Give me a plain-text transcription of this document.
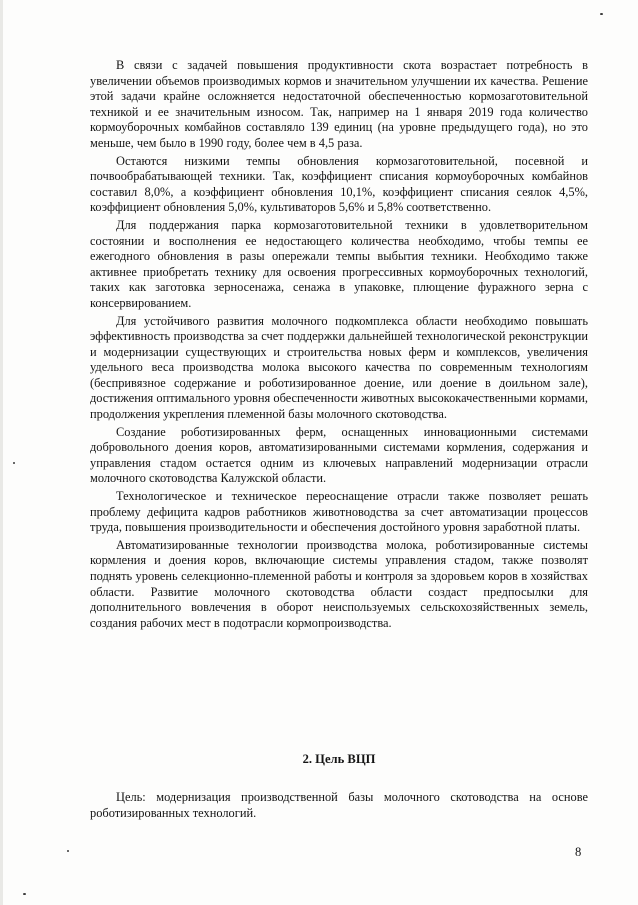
В связи с задачей повышения продуктивности скота возрастает потребность в увеличении объемов производимых кормов и значительном улучшении их качества. Решение этой задачи крайне осложняется недостаточной обеспеченностью кормозаготовительной техникой и ее значительным износом. Так, например на 1 января 2019 года количество кормоуборочных комбайнов составляло 139 единиц (на уровне предыдущего года), но это меньше, чем было в 1990 году, более чем в 4,5 раза.

Остаются низкими темпы обновления кормозаготовительной, посевной и почвообрабатывающей техники. Так, коэффициент списания кормоуборочных комбайнов составил 8,0%, а коэффициент обновления 10,1%, коэффициент списания сеялок 4,5%, коэффициент обновления 5,0%, культиваторов 5,6% и 5,8% соответственно.

Для поддержания парка кормозаготовительной техники в удовлетворительном состоянии и восполнения ее недостающего количества необходимо, чтобы темпы ее ежегодного обновления в разы опережали темпы выбытия техники. Необходимо также активнее приобретать технику для освоения прогрессивных кормоуборочных технологий, таких как заготовка зерносенажа, сенажа в упаковке, плющение фуражного зерна с консервированием.

Для устойчивого развития молочного подкомплекса области необходимо повышать эффективность производства за счет поддержки дальнейшей технологической реконструкции и модернизации существующих и строительства новых ферм и комплексов, увеличения удельного веса производства молока высокого качества по современным технологиям (беспривязное содержание и роботизированное доение, или доение в доильном зале), достижения оптимального уровня обеспеченности животных высококачественными кормами, продолжения укрепления племенной базы молочного скотоводства.

Создание роботизированных ферм, оснащенных инновационными системами добровольного доения коров, автоматизированными системами кормления, содержания и управления стадом остается одним из ключевых направлений модернизации отрасли молочного скотоводства Калужской области.

Технологическое и техническое переоснащение отрасли также позволяет решать проблему дефицита кадров работников животноводства за счет автоматизации процессов труда, повышения производительности и обеспечения достойного уровня заработной платы.

Автоматизированные технологии производства молока, роботизированные системы кормления и доения коров, включающие системы управления стадом, также позволят поднять уровень селекционно-племенной работы и контроля за здоровьем коров в хозяйствах области. Развитие молочного скотоводства области создаст предпосылки для дополнительного вовлечения в оборот неиспользуемых сельскохозяйственных земель, создания рабочих мест в подотрасли кормопроизводства.

2. Цель ВЦП

Цель: модернизация производственной базы молочного скотоводства на основе роботизированных технологий.

8
